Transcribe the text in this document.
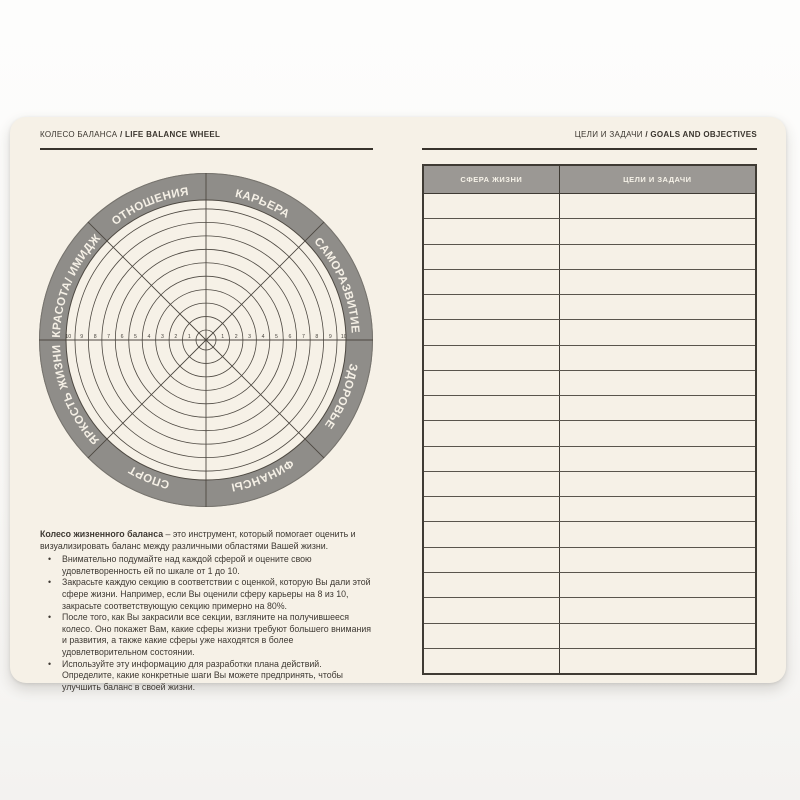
КОЛЕСО БАЛАНСА / LIFE BALANCE WHEEL	ЦЕЛИ И ЗАДАЧИ / GOALS AND OBJECTIVES
КАРЬЕРА
САМОРАЗВИТИЕ
ЗДОРОВЬЕ
ФИНАНСЫ
СПОРТ
ЯРКОСТЬ ЖИЗНИ
КРАСОТА/ ИМИДЖ
ОТНОШЕНИЯ
1 2 3 4 5 6 7 8 9 10
10 9 8 7 6 5 4 3 2 1

Колесо жизненного баланса – это инструмент, который помогает оценить и визуализировать баланс между различными областями Вашей жизни.

• Внимательно подумайте над каждой сферой и оцените свою удовлетворенность ей по шкале от 1 до 10.
• Закрасьте каждую секцию в соответствии с оценкой, которую Вы дали этой сфере жизни. Например, если Вы оценили сферу карьеры на 8 из 10, закрасьте соответствующую секцию примерно на 80%.
• После того, как Вы закрасили все секции, взгляните на получившееся колесо. Оно покажет Вам, какие сферы жизни требуют большего внимания и развития, а также какие сферы уже находятся в более удовлетворительном состоянии.
• Используйте эту информацию для разработки плана действий. Определите, какие конкретные шаги Вы можете предпринять, чтобы улучшить баланс в своей жизни.
СФЕРА ЖИЗНИ	ЦЕЛИ И ЗАДАЧИ
